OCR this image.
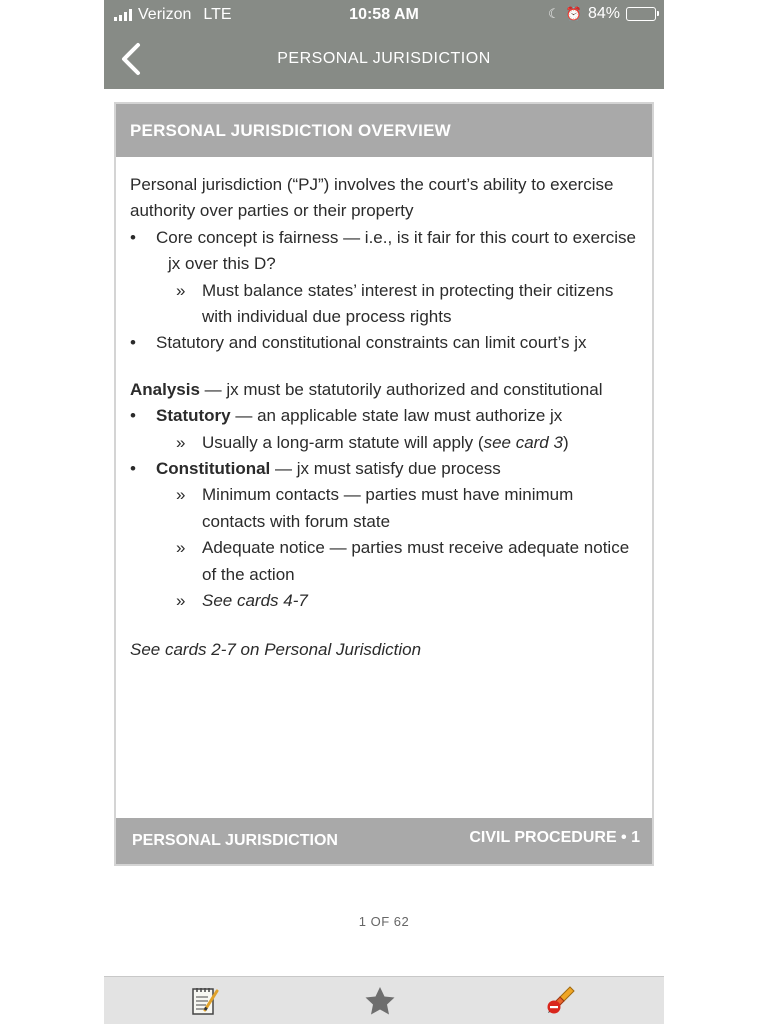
Verizon LTE	10:58 AM	☾ ⏰ 84%
PERSONAL JURISDICTION
PERSONAL JURISDICTION OVERVIEW

Personal jurisdiction (“PJ”) involves the court’s ability to exercise

authority over parties or their property

• Core concept is fairness — i.e., is it fair for this court to exercise

jx over this D?

» Must balance states’ interest in protecting their citizens

with individual due process rights

• Statutory and constitutional constraints can limit court’s jx

Analysis — jx must be statutorily authorized and constitutional

• Statutory — an applicable state law must authorize jx

» Usually a long-arm statute will apply (see card 3)

• Constitutional — jx must satisfy due process

» Minimum contacts — parties must have minimum

contacts with forum state

» Adequate notice — parties must receive adequate notice

of the action

» See cards 4-7

See cards 2-7 on Personal Jurisdiction

PERSONAL JURISDICTION	CIVIL PROCEDURE • 1
1 OF 62
